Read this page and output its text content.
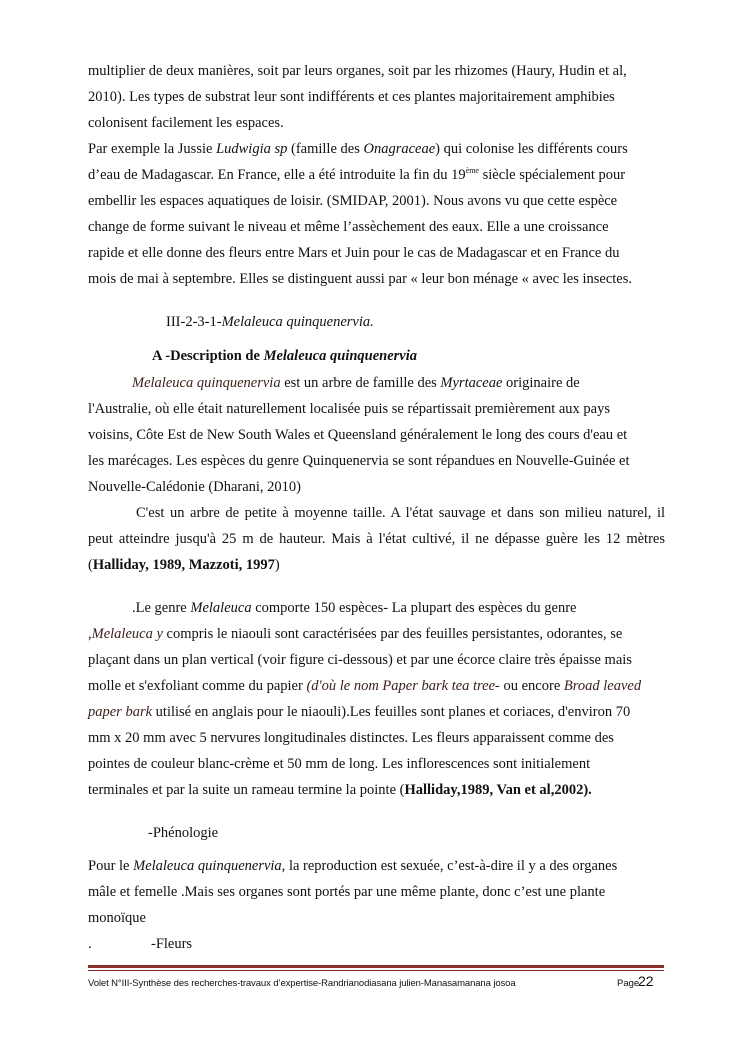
multiplier de deux manières, soit par leurs organes, soit par les rhizomes (Haury, Hudin et al,
2010). Les types de substrat leur sont indifférents et ces plantes majoritairement amphibies
colonisent facilement les espaces.
Par exemple la Jussie Ludwigia sp (famille des Onagraceae) qui colonise les différents cours
d’eau de Madagascar. En France, elle a été introduite la fin du 19ème siècle spécialement pour
embellir les espaces aquatiques de loisir. (SMIDAP, 2001). Nous avons vu que cette espèce
change de forme suivant le niveau et même l’assèchement des eaux. Elle a une croissance
rapide et elle donne des fleurs entre Mars et Juin pour le cas de Madagascar et en France du
mois de mai à septembre. Elles se distinguent aussi par « leur bon ménage « avec les insectes.
III-2-3-1-Melaleuca quinquenervia.
A -Description de Melaleuca quinquenervia
Melaleuca quinquenervia est un arbre de famille des Myrtaceae originaire de
l'Australie, où elle était naturellement localisée puis se répartissait premièrement aux pays
voisins, Côte Est de New South Wales et Queensland généralement le long des cours d'eau et
les marécages. Les espèces du genre Quinquenervia se sont répandues en Nouvelle-Guinée et
Nouvelle-Calédonie (Dharani, 2010)
C'est un arbre de petite à moyenne taille. A l'état sauvage et dans son milieu naturel, il
peut atteindre jusqu'à 25 m de hauteur. Mais à l'état cultivé, il ne dépasse guère les 12 mètres
(Halliday, 1989, Mazzoti, 1997)
.Le genre Melaleuca comporte 150 espèces- La plupart des espèces du genre
,Melaleuca y compris le niaouli sont caractérisées par des feuilles persistantes, odorantes, se
plaçant dans un plan vertical (voir figure ci-dessous) et par une écorce claire très épaisse mais
molle et s'exfoliant comme du papier (d'où le nom Paper bark tea tree- ou encore Broad leaved
paper bark utilisé en anglais pour le niaouli).Les feuilles sont planes et coriaces, d'environ 70
mm x 20 mm avec 5 nervures longitudinales distinctes. Les fleurs apparaissent comme des
pointes de couleur blanc-crème et 50 mm de long. Les inflorescences sont initialement
terminales et par la suite un rameau termine la pointe (Halliday,1989, Van et al,2002).
-Phénologie
Pour le Melaleuca quinquenervia, la reproduction est sexuée, c’est-à-dire il y a des organes
mâle et femelle .Mais ses organes sont portés par une même plante, donc c’est une plante
monoïque
.	-Fleurs
Volet N°III-Synthèse des recherches-travaux d’expertise-Randrianodiasana julien-Manasamanana josoa	Page
22
